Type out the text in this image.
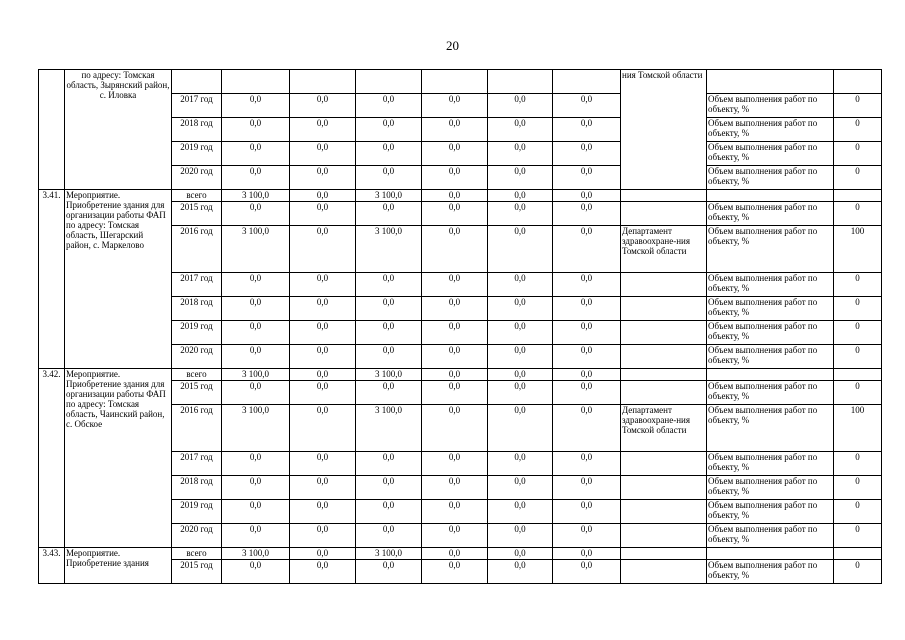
20
	по адресу: Томская область, Зырянский район, с. Иловка								ния Томской области		
		2017 год	0,0	0,0	0,0	0,0	0,0	0,0		Объем выполнения работ по объекту, %	0
		2018 год	0,0	0,0	0,0	0,0	0,0	0,0		Объем выполнения работ по объекту, %	0
		2019 год	0,0	0,0	0,0	0,0	0,0	0,0		Объем выполнения работ по объекту, %	0
		2020 год	0,0	0,0	0,0	0,0	0,0	0,0		Объем выполнения работ по объекту, %	0
3.41.	Мероприятие. Приобретение здания для организации работы ФАП по адресу: Томская область, Шегарский район, с. Маркелово	всего	3 100,0	0,0	3 100,0	0,0	0,0	0,0			
		2015 год	0,0	0,0	0,0	0,0	0,0	0,0		Объем выполнения работ по объекту, %	0
		2016 год	3 100,0	0,0	3 100,0	0,0	0,0	0,0	Департамент здравоохране-ния Томской области	Объем выполнения работ по объекту, %	100
		2017 год	0,0	0,0	0,0	0,0	0,0	0,0		Объем выполнения работ по объекту, %	0
		2018 год	0,0	0,0	0,0	0,0	0,0	0,0		Объем выполнения работ по объекту, %	0
		2019 год	0,0	0,0	0,0	0,0	0,0	0,0		Объем выполнения работ по объекту, %	0
		2020 год	0,0	0,0	0,0	0,0	0,0	0,0		Объем выполнения работ по объекту, %	0
3.42.	Мероприятие. Приобретение здания для организации работы ФАП по адресу: Томская область, Чаинский район, с. Обское	всего	3 100,0	0,0	3 100,0	0,0	0,0	0,0			
		2015 год	0,0	0,0	0,0	0,0	0,0	0,0		Объем выполнения работ по объекту, %	0
		2016 год	3 100,0	0,0	3 100,0	0,0	0,0	0,0	Департамент здравоохране-ния Томской области	Объем выполнения работ по объекту, %	100
		2017 год	0,0	0,0	0,0	0,0	0,0	0,0		Объем выполнения работ по объекту, %	0
		2018 год	0,0	0,0	0,0	0,0	0,0	0,0		Объем выполнения работ по объекту, %	0
		2019 год	0,0	0,0	0,0	0,0	0,0	0,0		Объем выполнения работ по объекту, %	0
		2020 год	0,0	0,0	0,0	0,0	0,0	0,0		Объем выполнения работ по объекту, %	0
3.43.	Мероприятие. Приобретение здания	всего	3 100,0	0,0	3 100,0	0,0	0,0	0,0			
		2015 год	0,0	0,0	0,0	0,0	0,0	0,0		Объем выполнения работ по объекту, %	0
